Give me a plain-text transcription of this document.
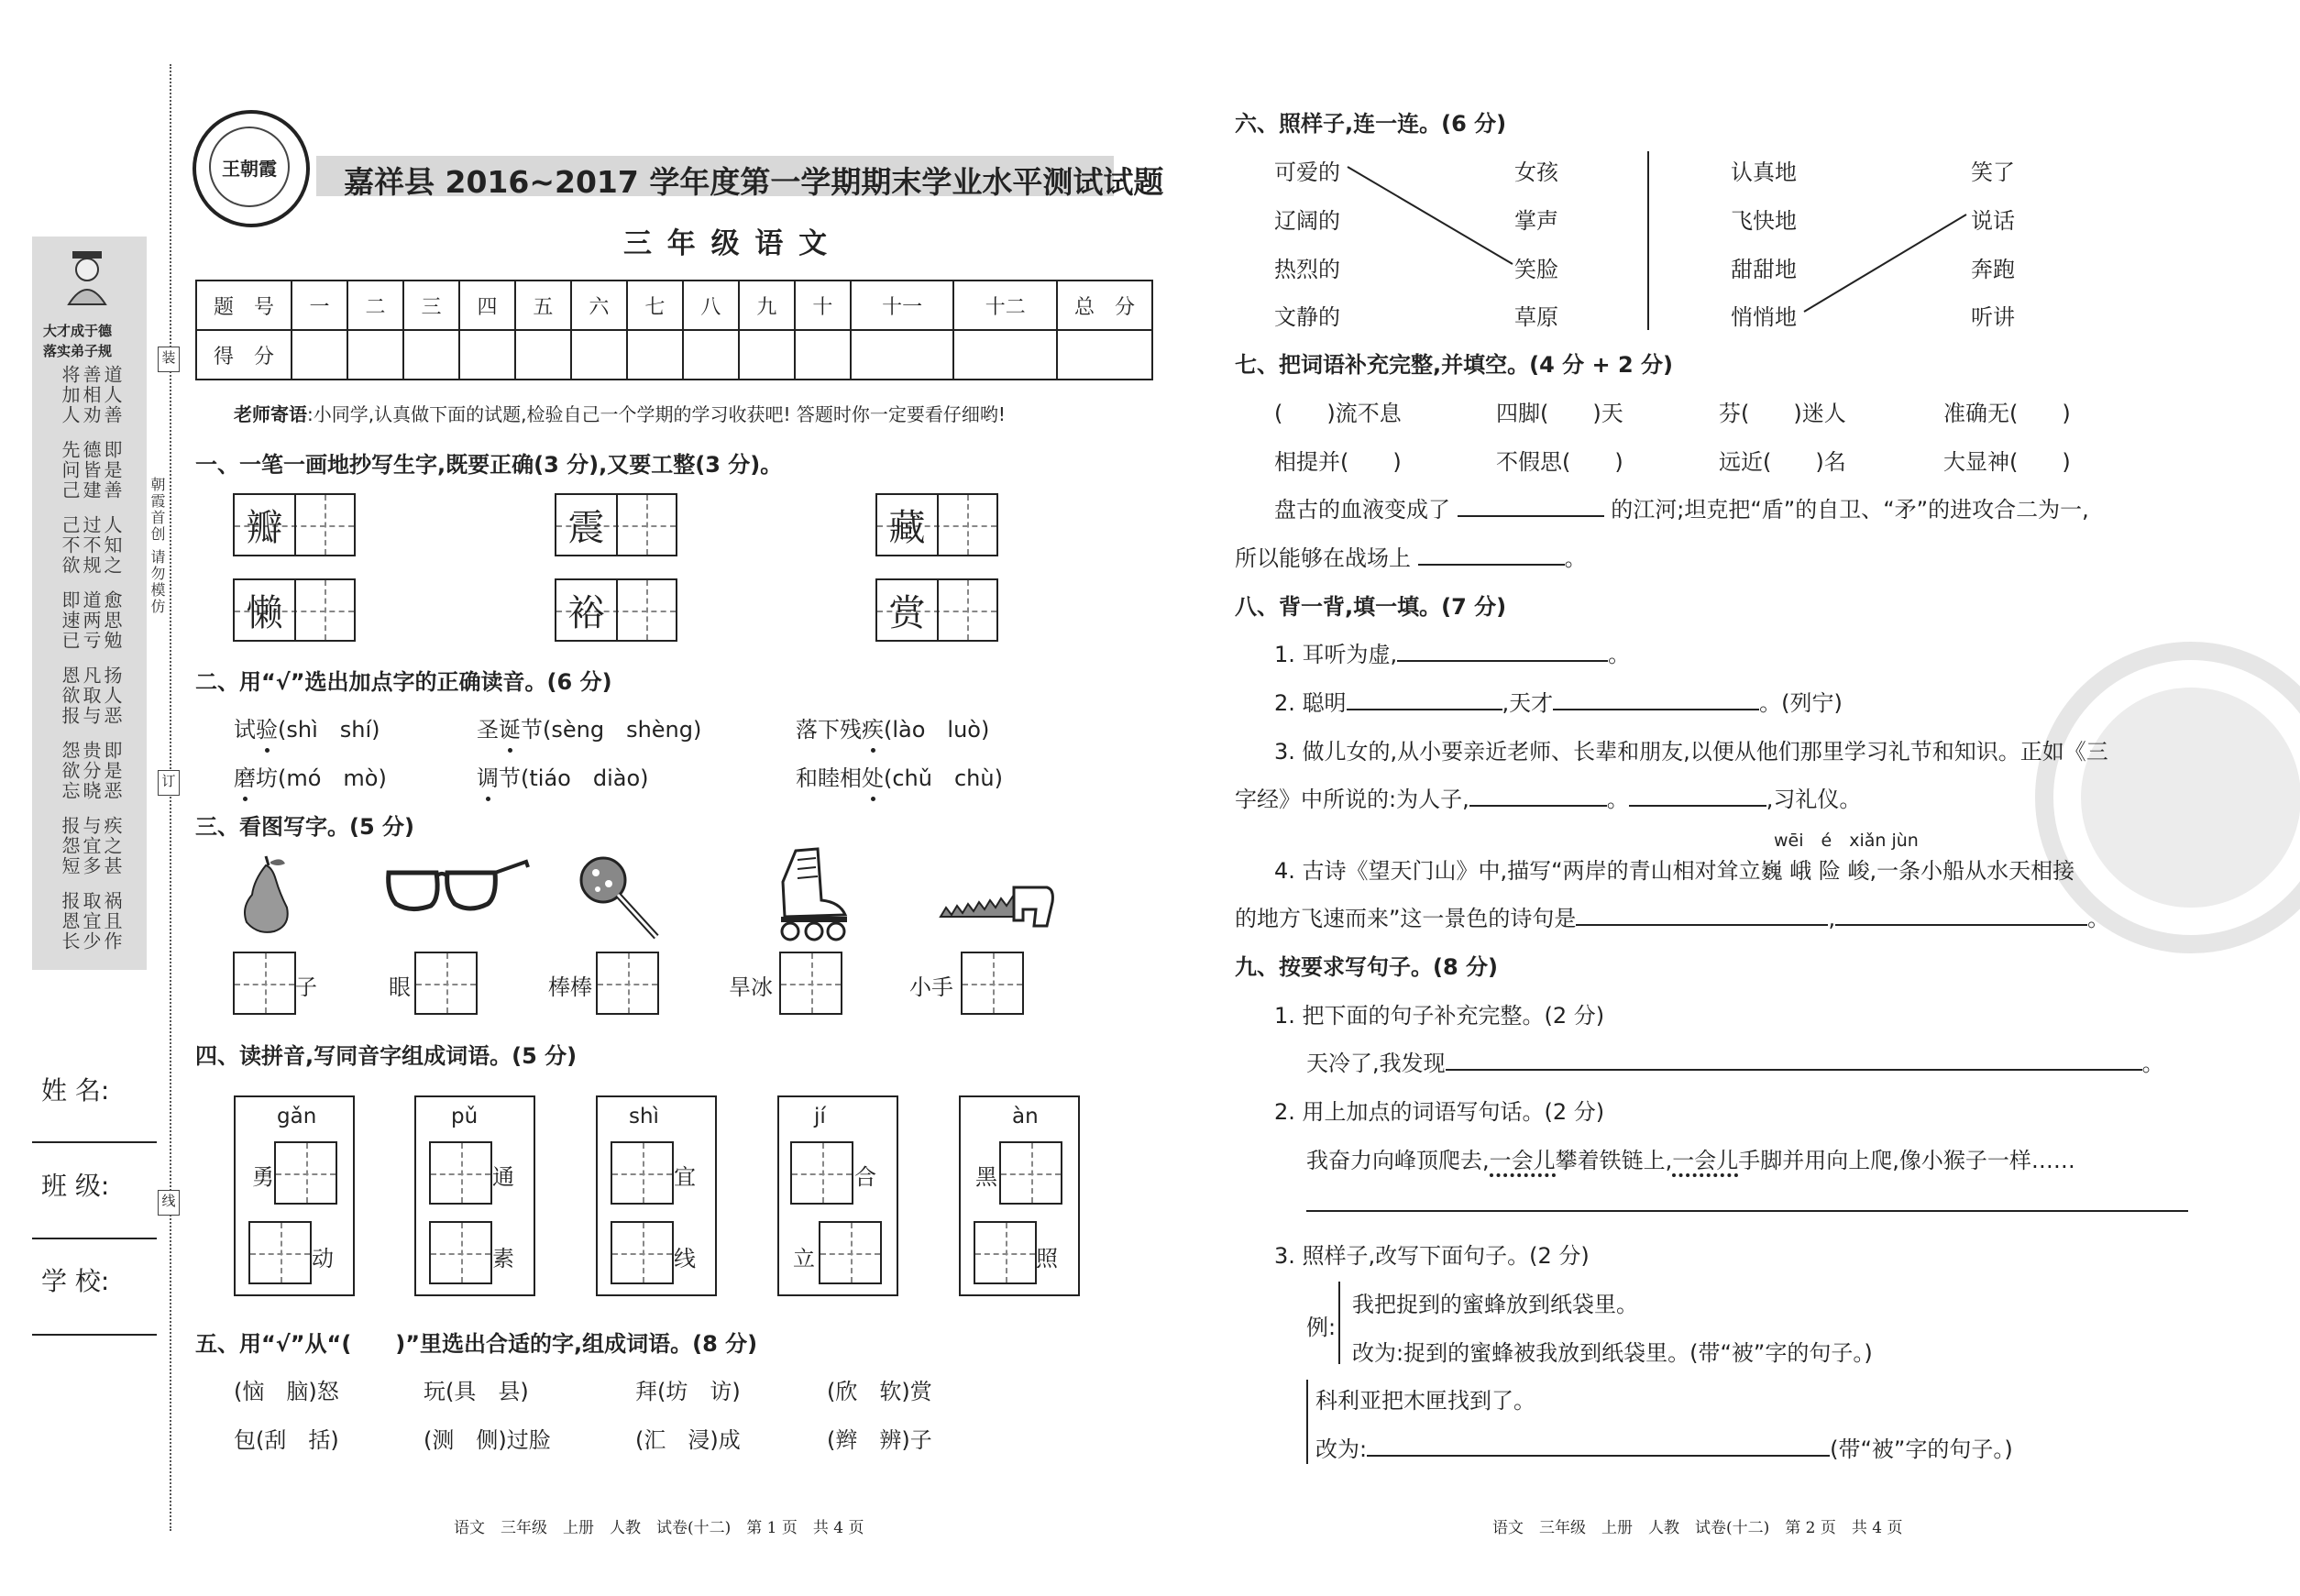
王朝霞 嘉祥县 2016~2017 学年度第一学期期末学业水平测试试题
三 年 级 语 文
题　号	一	二	三	四	五	六	七	八	九	十	十一	十二	总　分
得　分													
大才成于德
落实弟子规
道人善
善相劝
将加人
即是善
德皆建
先问己
人知之
过不规
己不欲
愈思勉
道两亏
即速已
扬人恶
凡取与
恩欲报
即是恶
贵分晓
怨欲忘
疾之甚
与宜多
报怨短
祸且作
取宜少
报恩长
装
订
线
朝霞首创 请勿模仿
姓 名:
班 级:
学 校:
老师寄语:小同学,认真做下面的试题,检验自己一个学期的学习收获吧! 答题时你一定要看仔细哟!
一、一笔一画地抄写生字,既要正确(3 分),又要工整(3 分)。
瓣	震	藏
懒	裕	赏
二、用“√”选出加点字的正确读音。(6 分)
试验(shì　shí)	圣诞节(sèng　shèng)	落下残疾(lào　luò)
磨坊(mó　mò)	调节(tiáo　diào)	和睦相处(chǔ　chù)
三、看图写字。(5 分)
子	眼	棒棒	旱冰	小手
四、读拼音,写同音字组成词语。(5 分)
gǎn
勇
动
pǔ
通
素
shì
宜
线
jí
合
立
àn
黑
照
五、用“√”从“(　　)”里选出合适的字,组成词语。(8 分)
(恼　脑)怒	玩(具　县)	拜(坊　访)	(欣　软)赏
包(刮　括)	(测　侧)过脸	(汇　浸)成	(辫　辨)子
语文　三年级　上册　人教　试卷(十二)　第 1 页　共 4 页
六、照样子,连一连。(6 分)
可爱的
辽阔的
热烈的
文静的
女孩
掌声
笑脸
草原
认真地
飞快地
甜甜地
悄悄地
笑了
说话
奔跑
听讲
七、把词语补充完整,并填空。(4 分 + 2 分)
(　　)流不息	四脚(　　)天	芬(　　)迷人	准确无(　　)
相提并(　　)	不假思(　　)	远近(　　)名	大显神(　　)
盘古的血液变成了	的江河;坦克把“盾”的自卫、“矛”的进攻合二为一,
所以能够在战场上	。
八、背一背,填一填。(7 分)
1. 耳听为虚,	。
2. 聪明	,天才	。(列宁)
3. 做儿女的,从小要亲近老师、长辈和朋友,以便从他们那里学习礼节和知识。正如《三
字经》中所说的:为人子,	。	,习礼仪。
wēi　é　xiǎn jùn
4. 古诗《望天门山》中,描写“两岸的青山相对耸立巍 峨 险 峻,一条小船从水天相接
的地方飞速而来”这一景色的诗句是	,	。
九、按要求写句子。(8 分)
1. 把下面的句子补充完整。(2 分)
天冷了,我发现	。
2. 用上加点的词语写句话。(2 分)
我奋力向峰顶爬去,一会儿攀着铁链上,一会儿手脚并用向上爬,像小猴子一样……
3. 照样子,改写下面句子。(2 分)
例:
我把捉到的蜜蜂放到纸袋里。
改为:捉到的蜜蜂被我放到纸袋里。(带“被”字的句子。)
科利亚把木匣找到了。
改为:	(带“被”字的句子。)
语文　三年级　上册　人教　试卷(十二)　第 2 页　共 4 页
